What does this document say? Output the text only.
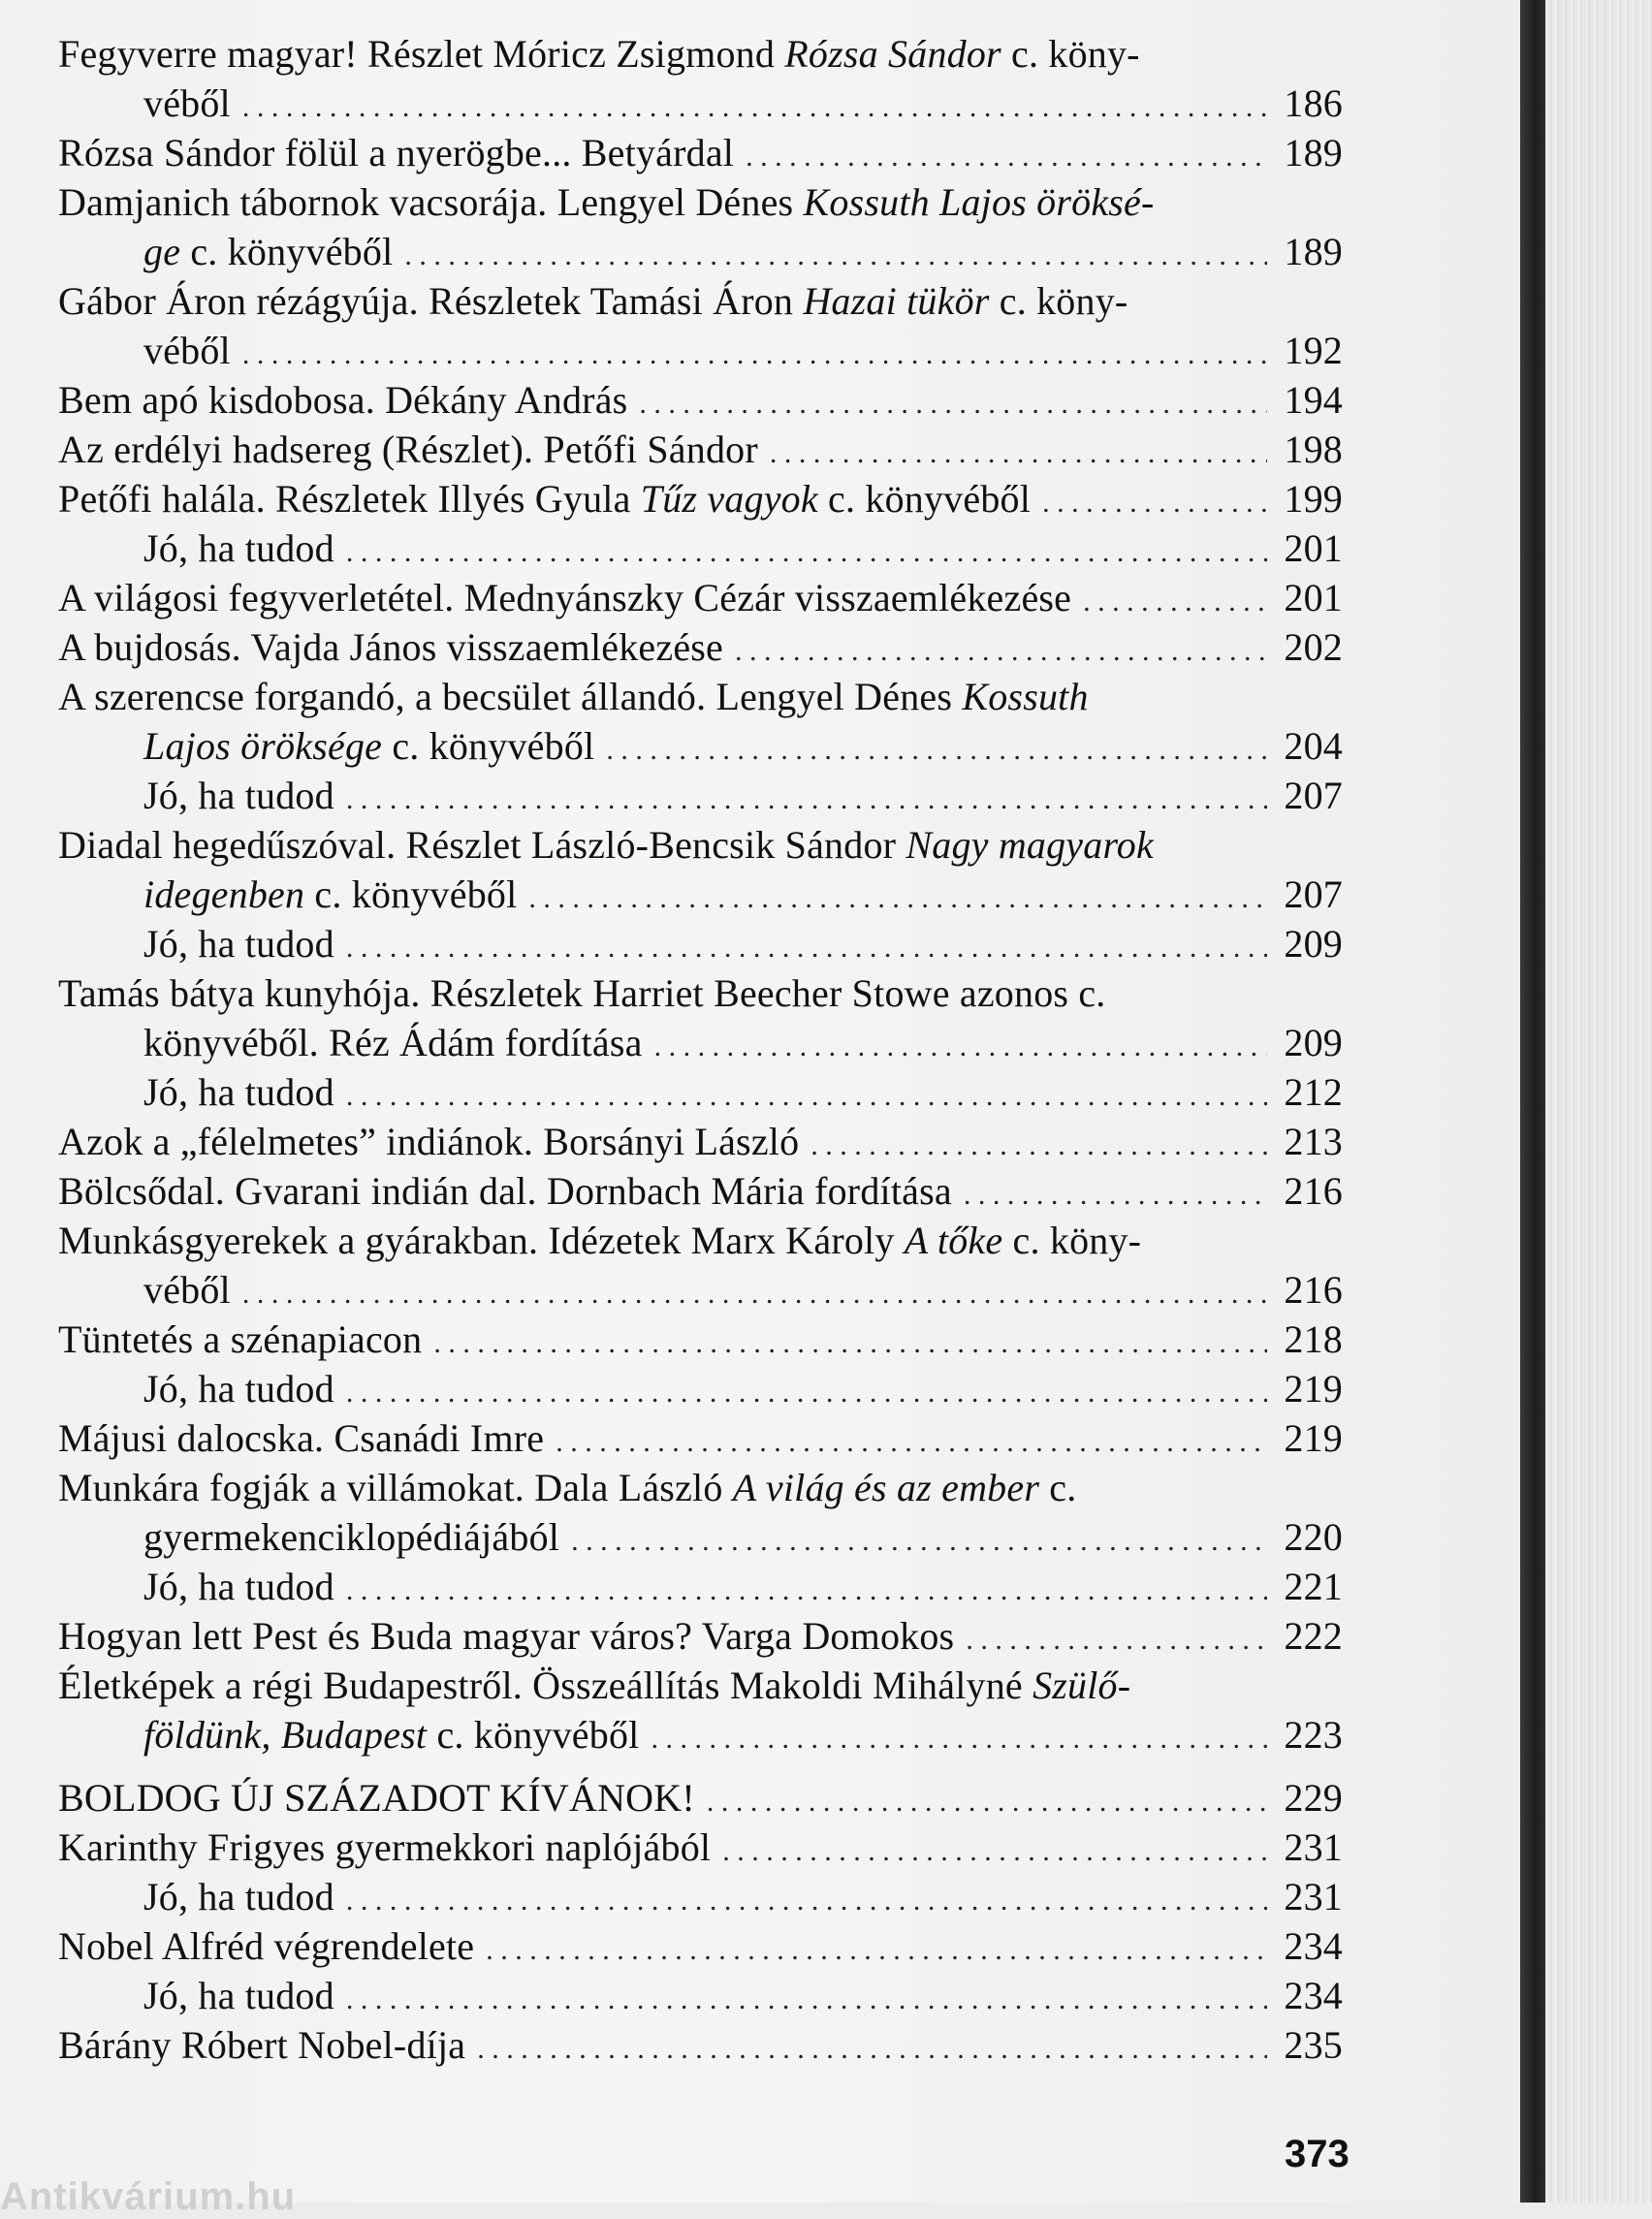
Fegyverre magyar! Részlet Móricz Zsigmond Rózsa Sándor c. köny-
véből . . .	186
Rózsa Sándor fölül a nyerögbe... Betyárdal . . .	189
Damjanich tábornok vacsorája. Lengyel Dénes Kossuth Lajos öröksé-
ge c. könyvéből . . .	189
Gábor Áron rézágyúja. Részletek Tamási Áron Hazai tükör c. köny-
véből . . .	192
Bem apó kisdobosa. Dékány András . . .	194
Az erdélyi hadsereg (Részlet). Petőfi Sándor . . .	198
Petőfi halála. Részletek Illyés Gyula Tűz vagyok c. könyvéből . . .	199
Jó, ha tudod . . .	201
A világosi fegyverletétel. Mednyánszky Cézár visszaemlékezése . . .	201
A bujdosás. Vajda János visszaemlékezése . . .	202
A szerencse forgandó, a becsület állandó. Lengyel Dénes Kossuth
Lajos öröksége c. könyvéből . . .	204
Jó, ha tudod . . .	207
Diadal hegedűszóval. Részlet László-Bencsik Sándor Nagy magyarok
idegenben c. könyvéből . . .	207
Jó, ha tudod . . .	209
Tamás bátya kunyhója. Részletek Harriet Beecher Stowe azonos c.
könyvéből. Réz Ádám fordítása . . .	209
Jó, ha tudod . . .	212
Azok a „félelmetes” indiánok. Borsányi László . . .	213
Bölcsődal. Gvarani indián dal. Dornbach Mária fordítása . . .	216
Munkásgyerekek a gyárakban. Idézetek Marx Károly A tőke c. köny-
véből . . .	216
Tüntetés a szénapiacon . . .	218
Jó, ha tudod . . .	219
Májusi dalocska. Csanádi Imre . . .	219
Munkára fogják a villámokat. Dala László A világ és az ember c.
gyermekenciklopédiájából . . .	220
Jó, ha tudod . . .	221
Hogyan lett Pest és Buda magyar város? Varga Domokos . . .	222
Életképek a régi Budapestről. Összeállítás Makoldi Mihályné Szülő-
földünk, Budapest c. könyvéből . . .	223
BOLDOG ÚJ SZÁZADOT KÍVÁNOK! . . .	229
Karinthy Frigyes gyermekkori naplójából . . .	231
Jó, ha tudod . . .	231
Nobel Alfréd végrendelete . . .	234
Jó, ha tudod . . .	234
Bárány Róbert Nobel-díja . . .	235
373
Antikvárium.hu
